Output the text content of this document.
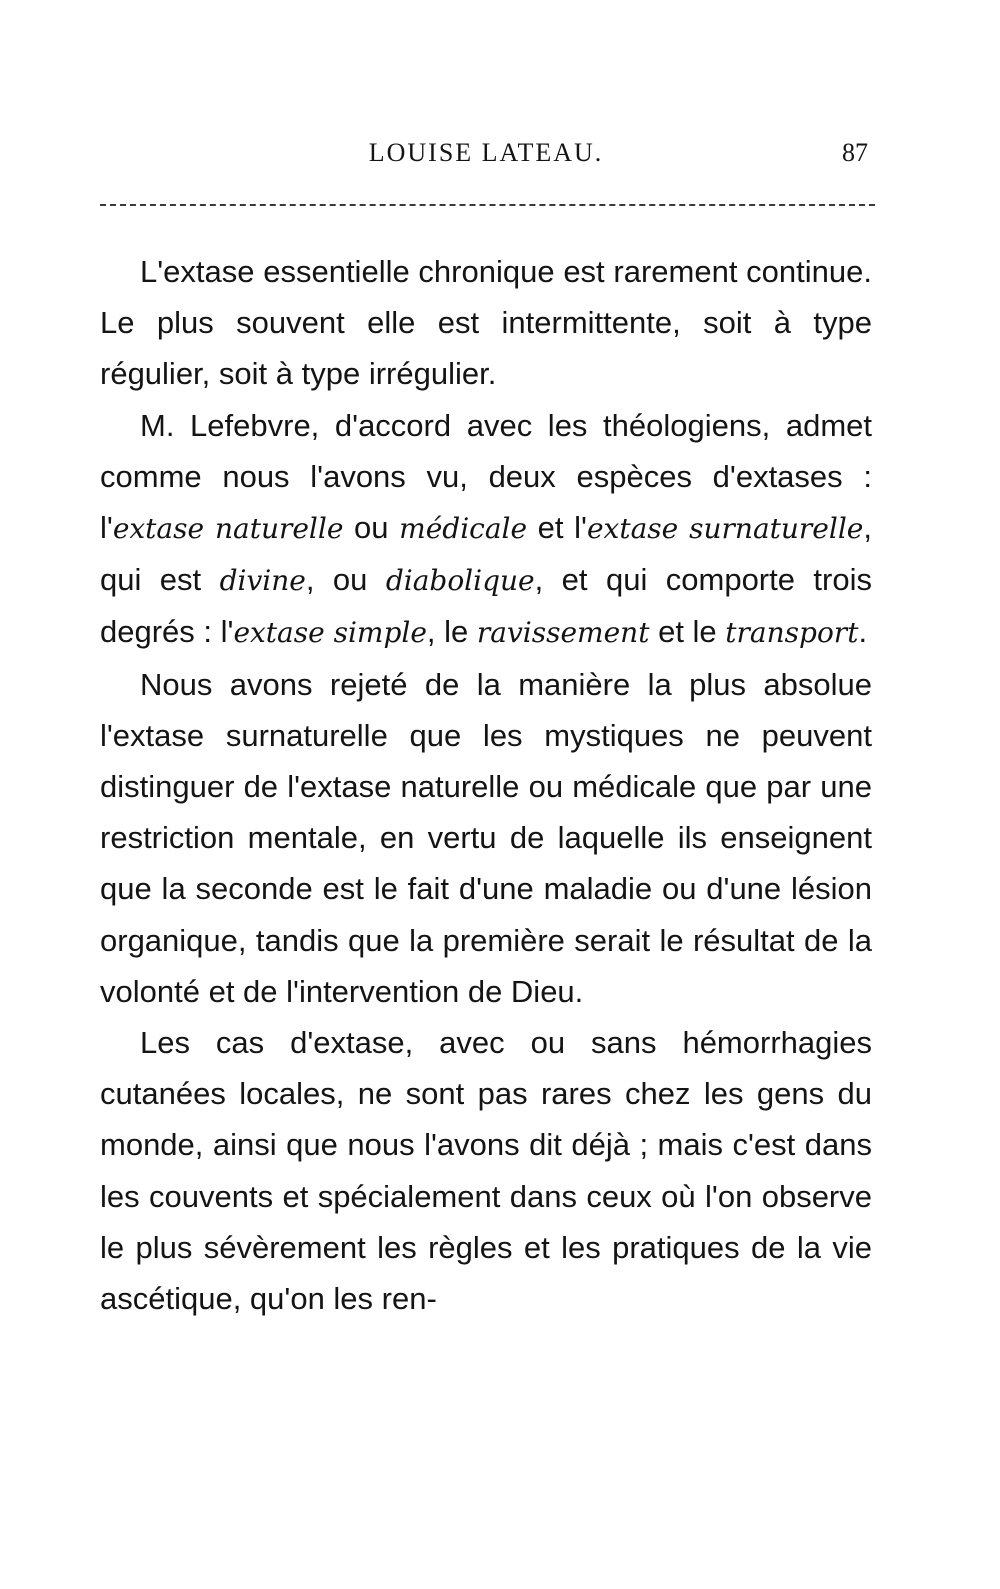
LOUISE LATEAU.	87

L'extase essentielle chronique est rarement continue. Le plus souvent elle est intermittente, soit à type régulier, soit à type irrégulier.

M. Lefebvre, d'accord avec les théologiens, admet comme nous l'avons vu, deux espèces d'extases : l'extase naturelle ou médicale et l'extase surnaturelle, qui est divine, ou diabolique, et qui comporte trois degrés : l'extase simple, le ravissement et le transport.

Nous avons rejeté de la manière la plus absolue l'extase surnaturelle que les mystiques ne peuvent distinguer de l'extase naturelle ou médicale que par une restriction mentale, en vertu de laquelle ils enseignent que la seconde est le fait d'une maladie ou d'une lésion organique, tandis que la première serait le résultat de la volonté et de l'intervention de Dieu.

Les cas d'extase, avec ou sans hémorrhagies cutanées locales, ne sont pas rares chez les gens du monde, ainsi que nous l'avons dit déjà ; mais c'est dans les couvents et spécialement dans ceux où l'on observe le plus sévèrement les règles et les pratiques de la vie ascétique, qu'on les ren-
